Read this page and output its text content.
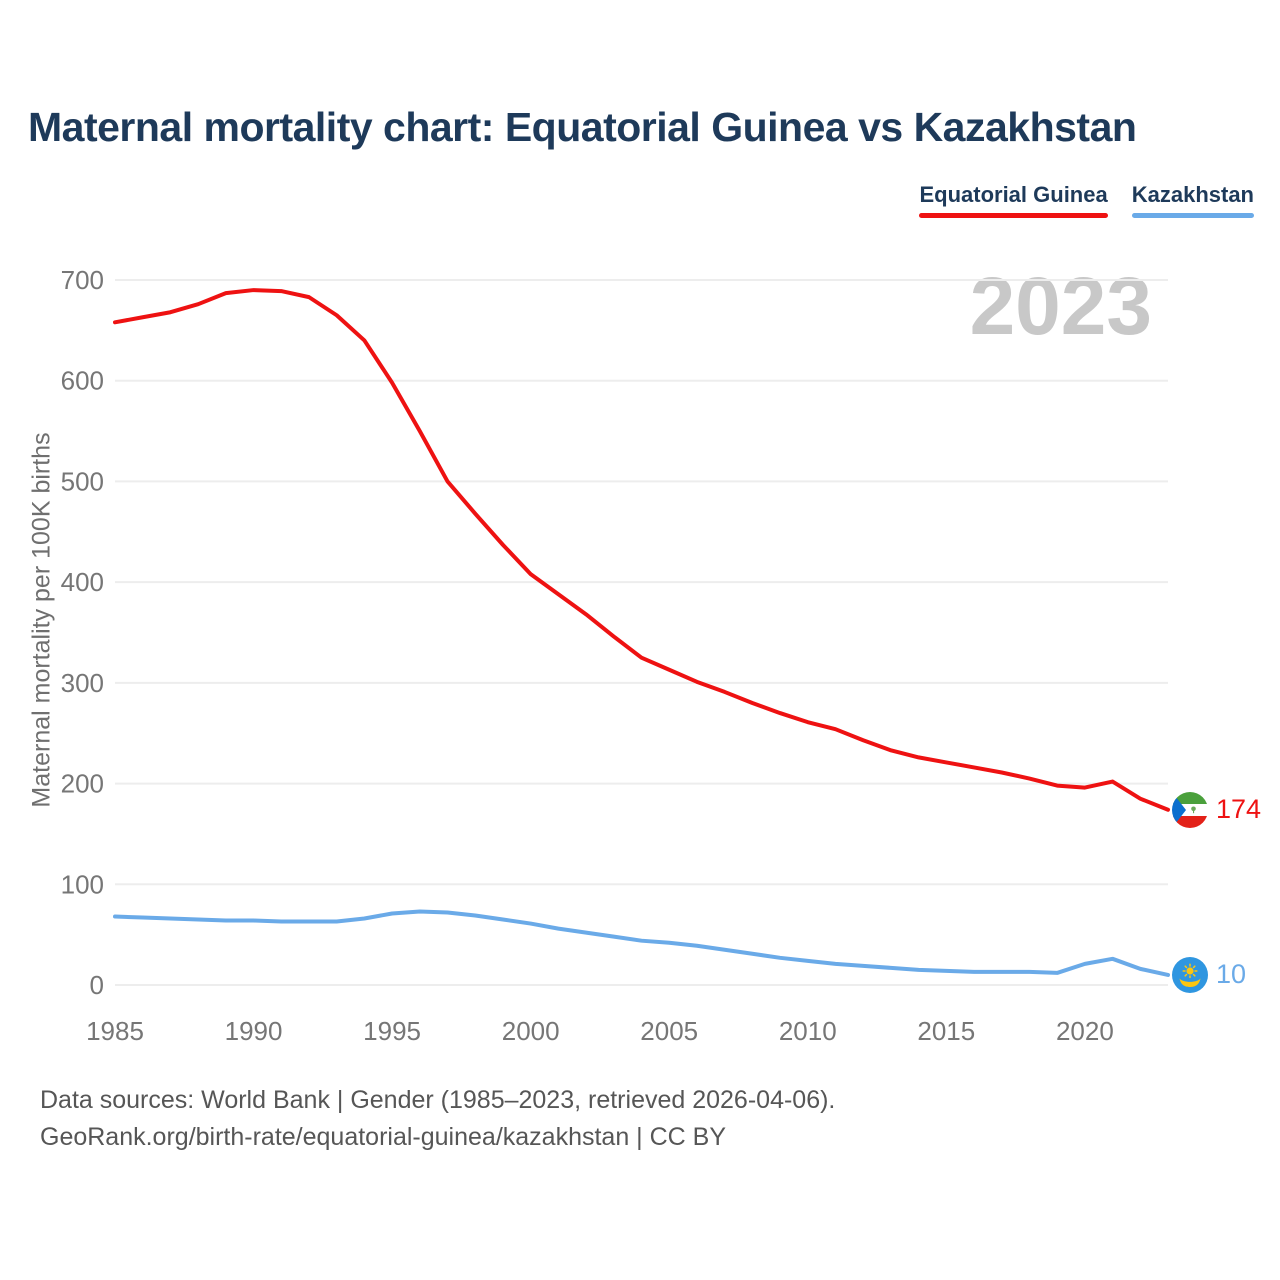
Maternal mortality chart: Equatorial Guinea vs Kazakhstan
Equatorial Guinea Kazakhstan
2023
0
100
200
300
400
500
600
700
1985	1990	1995	2000	2005	2010	2015	2020
Maternal mortality per 100K births
174
10
Data sources: World Bank | Gender (1985–2023, retrieved 2026-04-06).
GeoRank.org/birth-rate/equatorial-guinea/kazakhstan | CC BY
